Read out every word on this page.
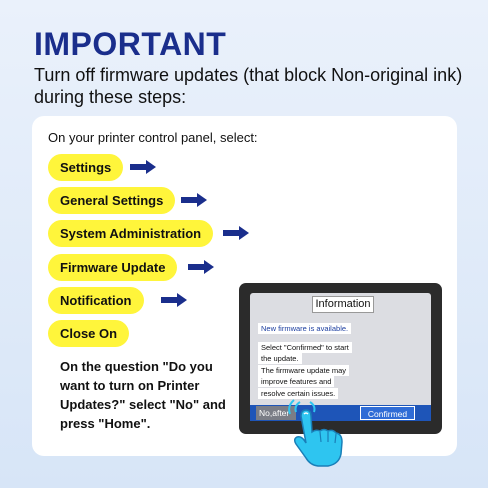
IMPORTANT
Turn off firmware updates (that block Non-original ink) during these steps:
On your printer control panel, select:
Settings
General Settings
System Administration
Firmware Update
Notification
Close On
On the question "Do you want to turn on Printer Updates?" select "No" and press "Home".
Information
New firmware is available.
Select "Confirmed" to start
the update.
The firmware update may
improve features and
resolve certain issues.
No,after	Confirmed
